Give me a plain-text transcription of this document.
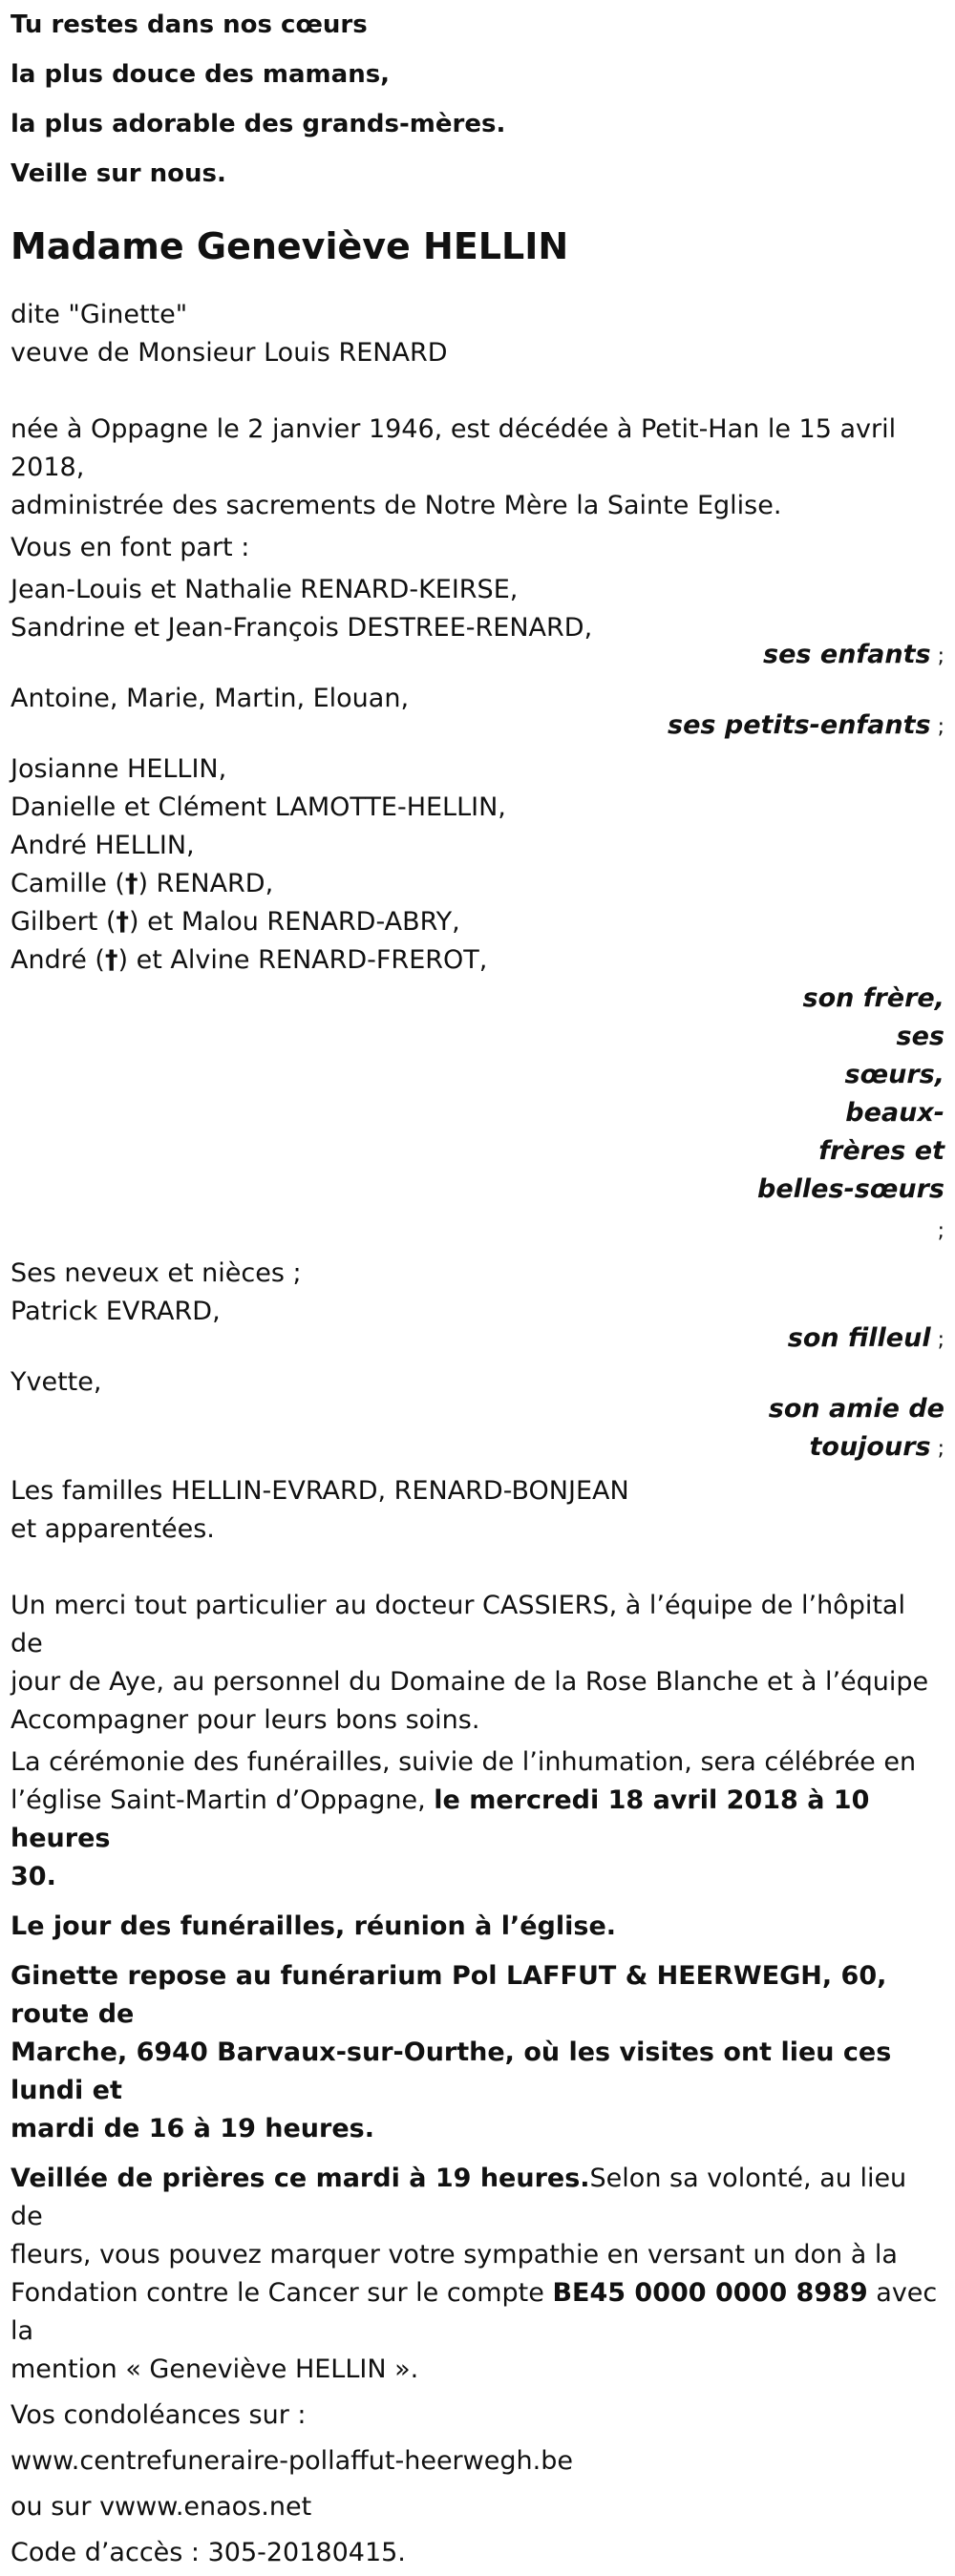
Tu restes dans nos cœurs
la plus douce des mamans,
la plus adorable des grands-mères.
Veille sur nous.
Madame Geneviève HELLIN
dite "Ginette"
veuve de Monsieur Louis RENARD
née à Oppagne le 2 janvier 1946, est décédée à Petit-Han le 15 avril 2018,
administrée des sacrements de Notre Mère la Sainte Eglise.
Vous en font part :
Jean-Louis et Nathalie RENARD-KEIRSE,
Sandrine et Jean-François DESTREE-RENARD,
ses enfants ;
Antoine, Marie, Martin, Elouan,
ses petits-enfants ;
Josianne HELLIN,
Danielle et Clément LAMOTTE-HELLIN,
André HELLIN,
Camille (†) RENARD,
Gilbert (†) et Malou RENARD-ABRY,
André (†) et Alvine RENARD-FREROT,
son frère, ses
sœurs, beaux-
frères et
belles-sœurs ;
Ses neveux et nièces ;
Patrick EVRARD,
son filleul ;
Yvette,
son amie de
toujours ;
Les familles HELLIN-EVRARD, RENARD-BONJEAN
et apparentées.
Un merci tout particulier au docteur CASSIERS, à l’équipe de l’hôpital de
jour de Aye, au personnel du Domaine de la Rose Blanche et à l’équipe
Accompagner pour leurs bons soins.
La cérémonie des funérailles, suivie de l’inhumation, sera célébrée en
l’église Saint-Martin d’Oppagne, le mercredi 18 avril 2018 à 10 heures
30.
Le jour des funérailles, réunion à l’église.
Ginette repose au funérarium Pol LAFFUT & HEERWEGH, 60, route de
Marche, 6940 Barvaux-sur-Ourthe, où les visites ont lieu ces lundi et
mardi de 16 à 19 heures.
Veillée de prières ce mardi à 19 heures.Selon sa volonté, au lieu de
fleurs, vous pouvez marquer votre sympathie en versant un don à la
Fondation contre le Cancer sur le compte BE45 0000 0000 8989 avec la
mention « Geneviève HELLIN ».
Vos condoléances sur :
www.centrefuneraire-pollaffut-heerwegh.be
ou sur vwww.enaos.net
Code d’accès : 305-20180415.
